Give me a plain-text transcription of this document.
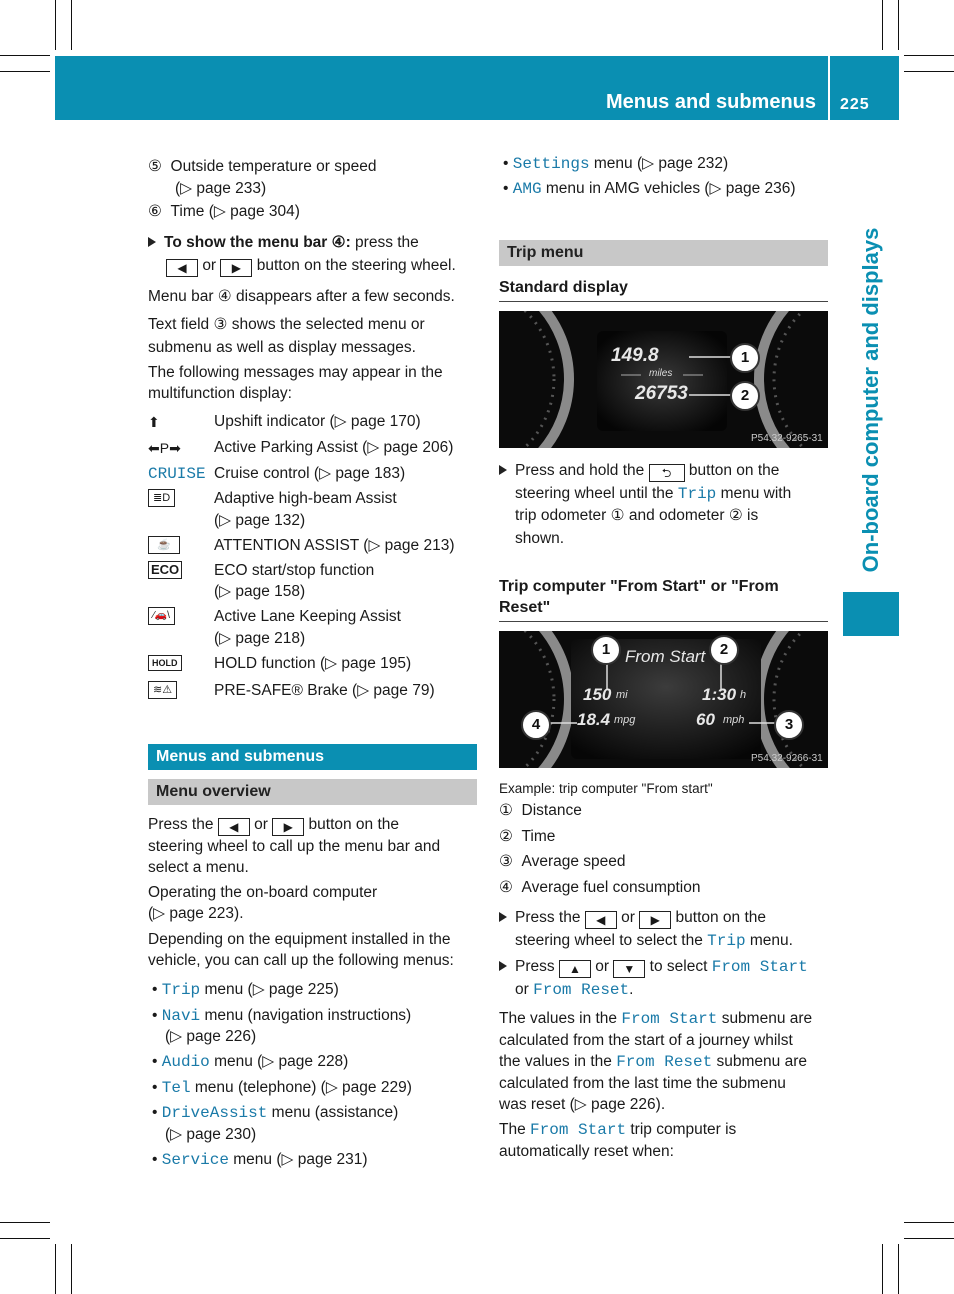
Menus and submenus 225
On-board computer and displays
⑤ Outside temperature or speed
(▷ page 233)
⑥ Time (▷ page 304)
To show the menu bar ④: press the
◀ or ▶ button on the steering wheel.
Menu bar ④ disappears after a few seconds.
Text field ③ shows the selected menu or
submenu as well as display messages.
The following messages may appear in the
multifunction display:
⬆	Upshift indicator (▷ page 170)
⬅P➡ Active Parking Assist (▷ page 206)
CRUISE Cruise control (▷ page 183)
≣D	Adaptive high-beam Assist
(▷ page 132)
☕	ATTENTION ASSIST (▷ page 213)
ECO ECO start/stop function
(▷ page 158)
⁄🚗\	Active Lane Keeping Assist
(▷ page 218)
HOLD HOLD function (▷ page 195)
≋⚠	PRE-SAFE® Brake (▷ page 79)
Menus and submenus
Menu overview
Press the ◀ or ▶ button on the
steering wheel to call up the menu bar and
select a menu.
Operating the on-board computer
(▷ page 223).
Depending on the equipment installed in the
vehicle, you can call up the following menus:
• Trip menu (▷ page 225)
• Navi menu (navigation instructions)
(▷ page 226)
• Audio menu (▷ page 228)
• Tel menu (telephone) (▷ page 229)
• DriveAssist menu (assistance)
(▷ page 230)
• Service menu (▷ page 231)
• Settings menu (▷ page 232)
• AMG menu in AMG vehicles (▷ page 236)
Trip menu
Standard display
149.8
miles
26753
1
2
P54.32-9265-31
Press and hold the ⮌ button on the
steering wheel until the Trip menu with
trip odometer ① and odometer ② is
shown.
Trip computer "From Start" or "From
Reset"
From Start
150 mi	1:30 h
18.4 mpg	60 mph
1	2
3
4
P54.32-9266-31
Example: trip computer "From start"
① Distance
② Time
③ Average speed
④ Average fuel consumption
Press the ◀ or ▶ button on the
steering wheel to select the Trip menu.
Press ▲ or ▼ to select From Start
or From Reset.
The values in the From Start submenu are
calculated from the start of a journey whilst
the values in the From Reset submenu are
calculated from the last time the submenu
was reset (▷ page 226).
The From Start trip computer is
automatically reset when:
